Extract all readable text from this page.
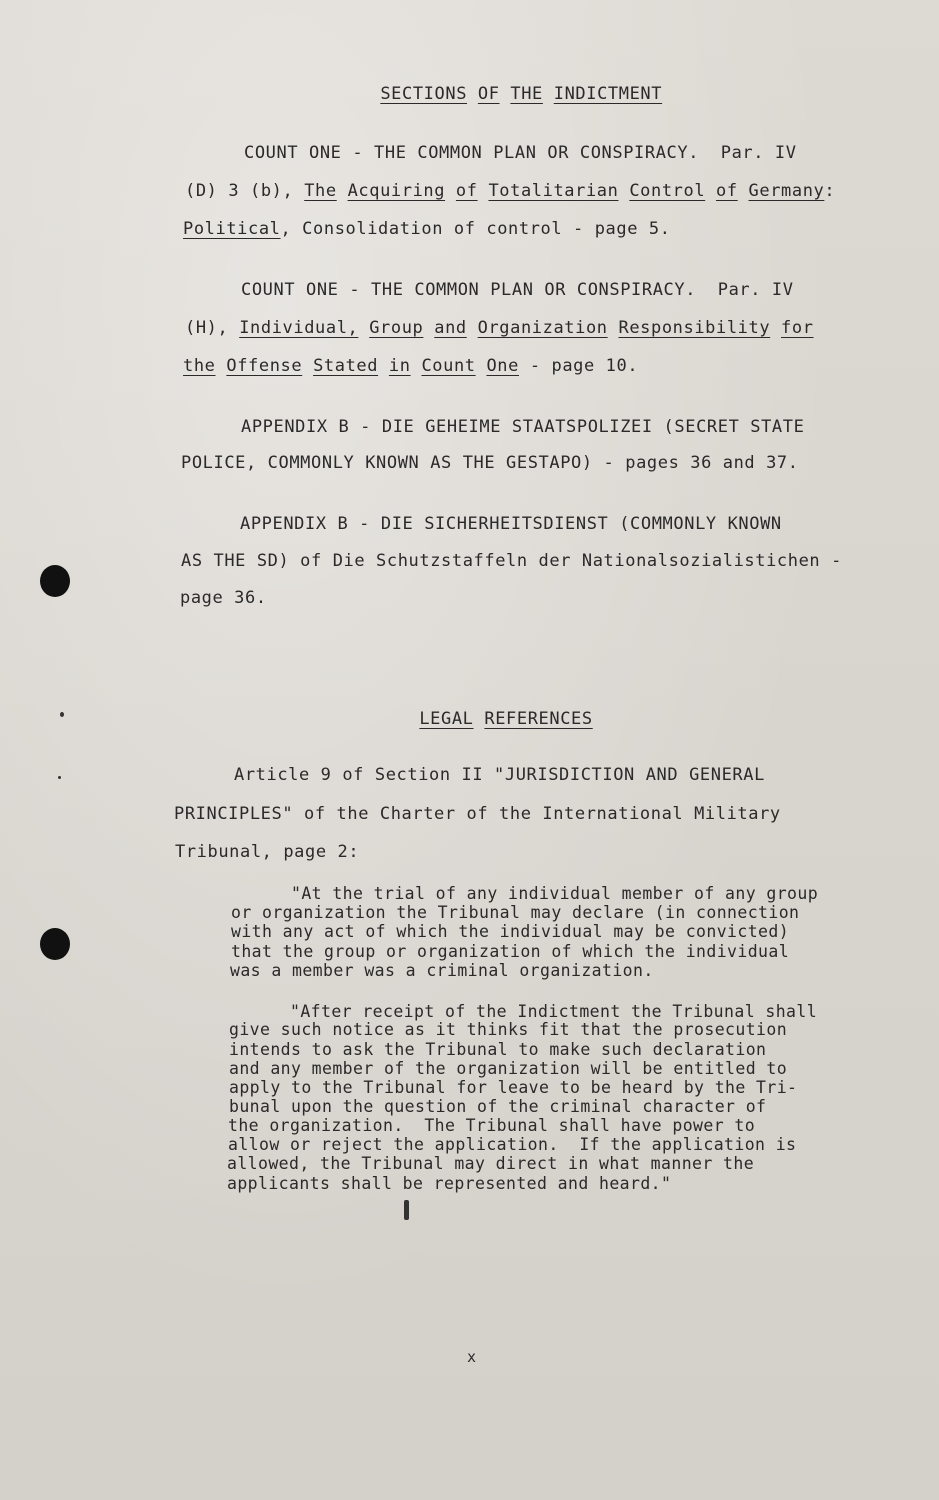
SECTIONS OF THE INDICTMENT

COUNT ONE - THE COMMON PLAN OR CONSPIRACY.  Par. IV
(D) 3 (b), The Acquiring of Totalitarian Control of Germany:
Political, Consolidation of control - page 5.
COUNT ONE - THE COMMON PLAN OR CONSPIRACY.  Par. IV
(H), Individual, Group and Organization Responsibility for
the Offense Stated in Count One - page 10.
APPENDIX B - DIE GEHEIME STAATSPOLIZEI (SECRET STATE
POLICE, COMMONLY KNOWN AS THE GESTAPO) - pages 36 and 37.
APPENDIX B - DIE SICHERHEITSDIENST (COMMONLY KNOWN
AS THE SD) of Die Schutzstaffeln der Nationalsozialistichen -
page 36.

LEGAL REFERENCES

Article 9 of Section II "JURISDICTION AND GENERAL
PRINCIPLES" of the Charter of the International Military
Tribunal, page 2:
"At the trial of any individual member of any group
or organization the Tribunal may declare (in connection
with any act of which the individual may be convicted)
that the group or organization of which the individual
was a member was a criminal organization.
"After receipt of the Indictment the Tribunal shall
give such notice as it thinks fit that the prosecution
intends to ask the Tribunal to make such declaration
and any member of the organization will be entitled to
apply to the Tribunal for leave to be heard by the Tri-
bunal upon the question of the criminal character of
the organization.  The Tribunal shall have power to
allow or reject the application.  If the application is
allowed, the Tribunal may direct in what manner the
applicants shall be represented and heard."
x
